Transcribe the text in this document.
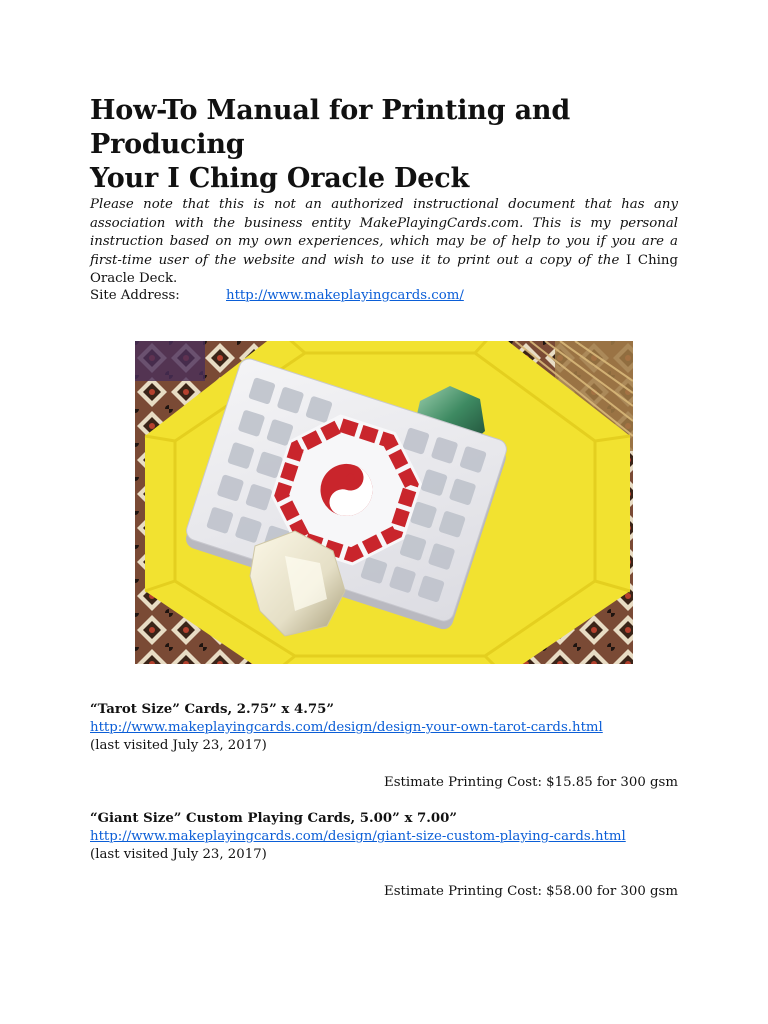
How-To Manual for Printing and Producing
Your I Ching Oracle Deck

Please note that this is not an authorized instructional document that has any association with the business entity MakePlayingCards.com. This is my personal instruction based on my own experiences, which may be of help to you if you are a first-time user of the website and wish to use it to print out a copy of the I Ching Oracle Deck.

Site Address:	http://www.makeplayingcards.com/
“Tarot Size” Cards, 2.75” x 4.75”
http://www.makeplayingcards.com/design/design-your-own-tarot-cards.html
(last visited July 23, 2017)
Estimate Printing Cost: $15.85 for 300 gsm
“Giant Size” Custom Playing Cards, 5.00” x 7.00”
http://www.makeplayingcards.com/design/giant-size-custom-playing-cards.html
(last visited July 23, 2017)
Estimate Printing Cost: $58.00 for 300 gsm
